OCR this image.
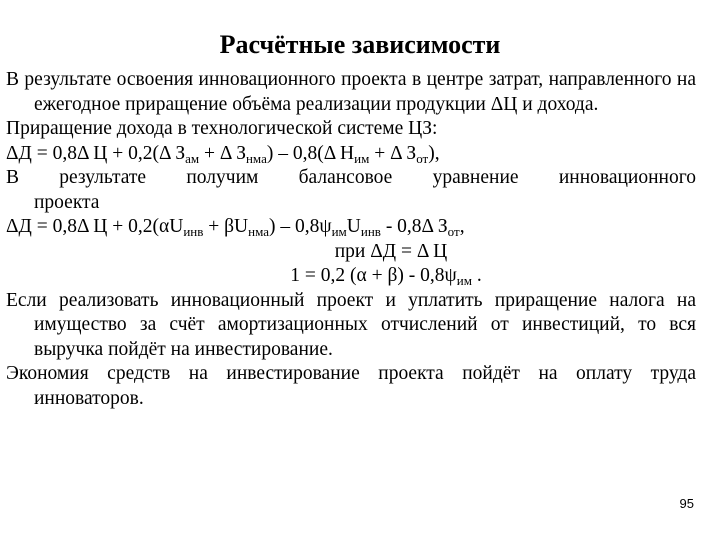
Расчётные зависимости

В результате освоения инновационного проекта в центре затрат, направленного на ежегодное приращение объёма реализации продукции ΔЦ и дохода.

Приращение дохода в технологической системе ЦЗ:

ΔД = 0,8Δ Ц + 0,2(Δ $З_{ам} + \Delta$ $З_{нма}) - 0,8(\Delta$ $Н_{им} + \Delta$ $З_{от}$),

В результате получим балансовое уравнение инновационного

проекта

ΔД = 0,8Δ $Ц + 0,2(\alpha U_{инв} + \beta U_{нма}) - 0,8\psi_{им}U_{инв} - 0,8\Delta$ $З_{от}$,

при ΔД = Δ Ц

1 = 0,2 $(\alpha + \beta) - 0,8\psi_{им}$ .

Если реализовать инновационный проект и уплатить приращение налога на имущество за счёт амортизационных отчислений от инвестиций, то вся выручка пойдёт на инвестирование.

Экономия средств на инвестирование проекта пойдёт на оплату труда инноваторов.

95
